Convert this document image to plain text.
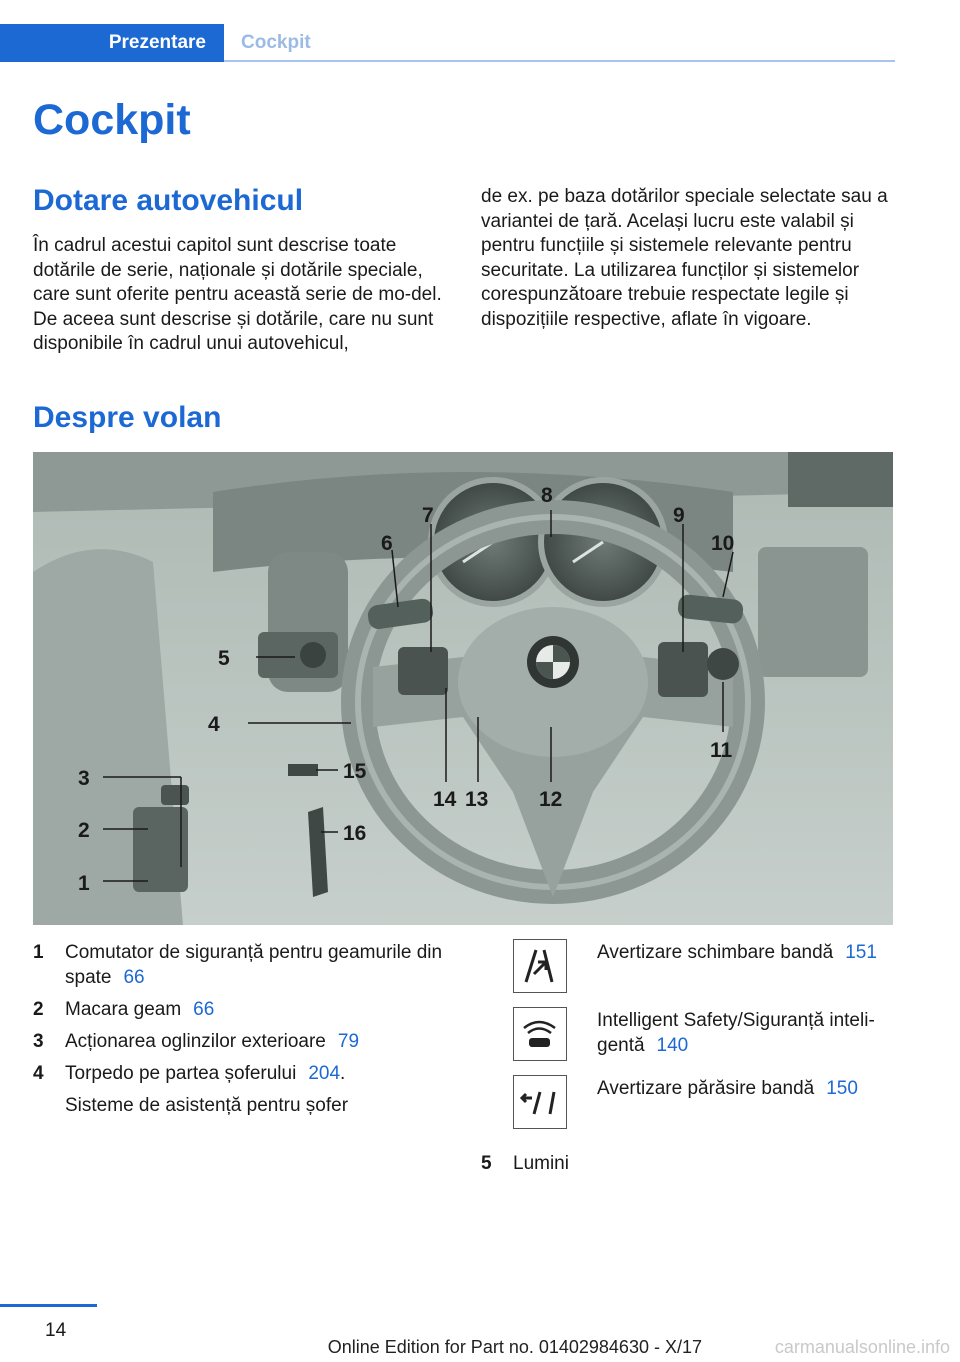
Prezentare	Cockpit
Cockpit
Dotare autovehicul

În cadrul acestui capitol sunt descrise toate dotările de serie, naționale și dotările speciale, care sunt oferite pentru această serie de mo-del. De aceea sunt descrise și dotările, care nu sunt disponibile în cadrul unui autovehicul,

de ex. pe baza dotărilor speciale selectate sau a variantei de țară. Același lucru este valabil și pentru funcțiile și sistemele relevante pentru securitate. La utilizarea funcților și sistemelor corespunzătoare trebuie respectate legile și dispozițiile respective, aflate în vigoare.

Despre volan
1
2
3
4
5
6
7
8
9
10
11
12
13
14
15
16
1 Comutator de siguranță pentru geamurile din spate 66
2 Macara geam 66
3 Acționarea oglinzilor exterioare 79
4 Torpedo pe partea șoferului 204.
Sisteme de asistență pentru șofer
Avertizare schimbare bandă 151
Intelligent Safety/Siguranță inteli-gentă 140
Avertizare părăsire bandă 150
5 Lumini
14
Online Edition for Part no. 01402984630 - X/17	carmanualsonline.info
